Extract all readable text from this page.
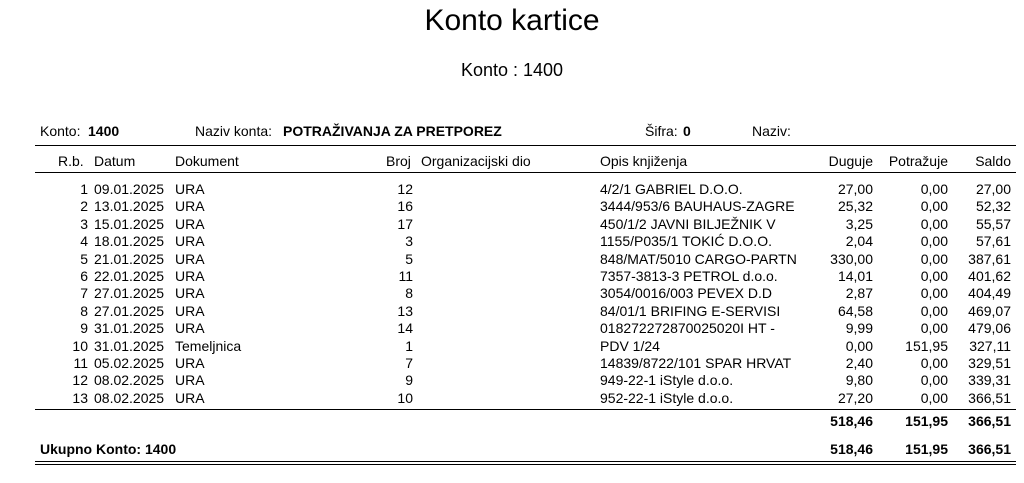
Konto kartice
Konto : 1400
Konto: 1400	Naziv konta: POTRAŽIVANJA ZA PRETPOREZ	Šifra: 0	Naziv:
R.b. Datum	Dokument	Broj Organizacijski dio	Opis knjiženja	Duguje	Potražuje	Saldo
1 09.01.2025 URA	12	4/2/1 GABRIEL D.O.O.	27,00	0,00	27,00
2 13.01.2025 URA	16	3444/953/6 BAUHAUS-ZAGRE	25,32	0,00	52,32
3 15.01.2025 URA	17	450/1/2 JAVNI BILJEŽNIK V	3,25	0,00	55,57
4 18.01.2025 URA	3	1155/P035/1 TOKIĆ D.O.O.	2,04	0,00	57,61
5 21.01.2025 URA	5	848/MAT/5010 CARGO-PARTN	330,00	0,00	387,61
6 22.01.2025 URA	11	7357-3813-3 PETROL d.o.o.	14,01	0,00	401,62
7 27.01.2025 URA	8	3054/0016/003 PEVEX D.D	2,87	0,00	404,49
8 27.01.2025 URA	13	84/01/1 BRIFING E-SERVISI	64,58	0,00	469,07
9 31.01.2025 URA	14	018272272870025020I HT -	9,99	0,00	479,06
10 31.01.2025 Temeljnica	1	PDV 1/24	0,00	151,95	327,11
11 05.02.2025 URA	7	14839/8722/101 SPAR HRVAT	2,40	0,00	329,51
12 08.02.2025 URA	9	949-22-1 iStyle d.o.o.	9,80	0,00	339,31
13 08.02.2025 URA	10	952-22-1 iStyle d.o.o.	27,20	0,00	366,51
518,46	151,95	366,51
Ukupno Konto: 1400	518,46	151,95	366,51
